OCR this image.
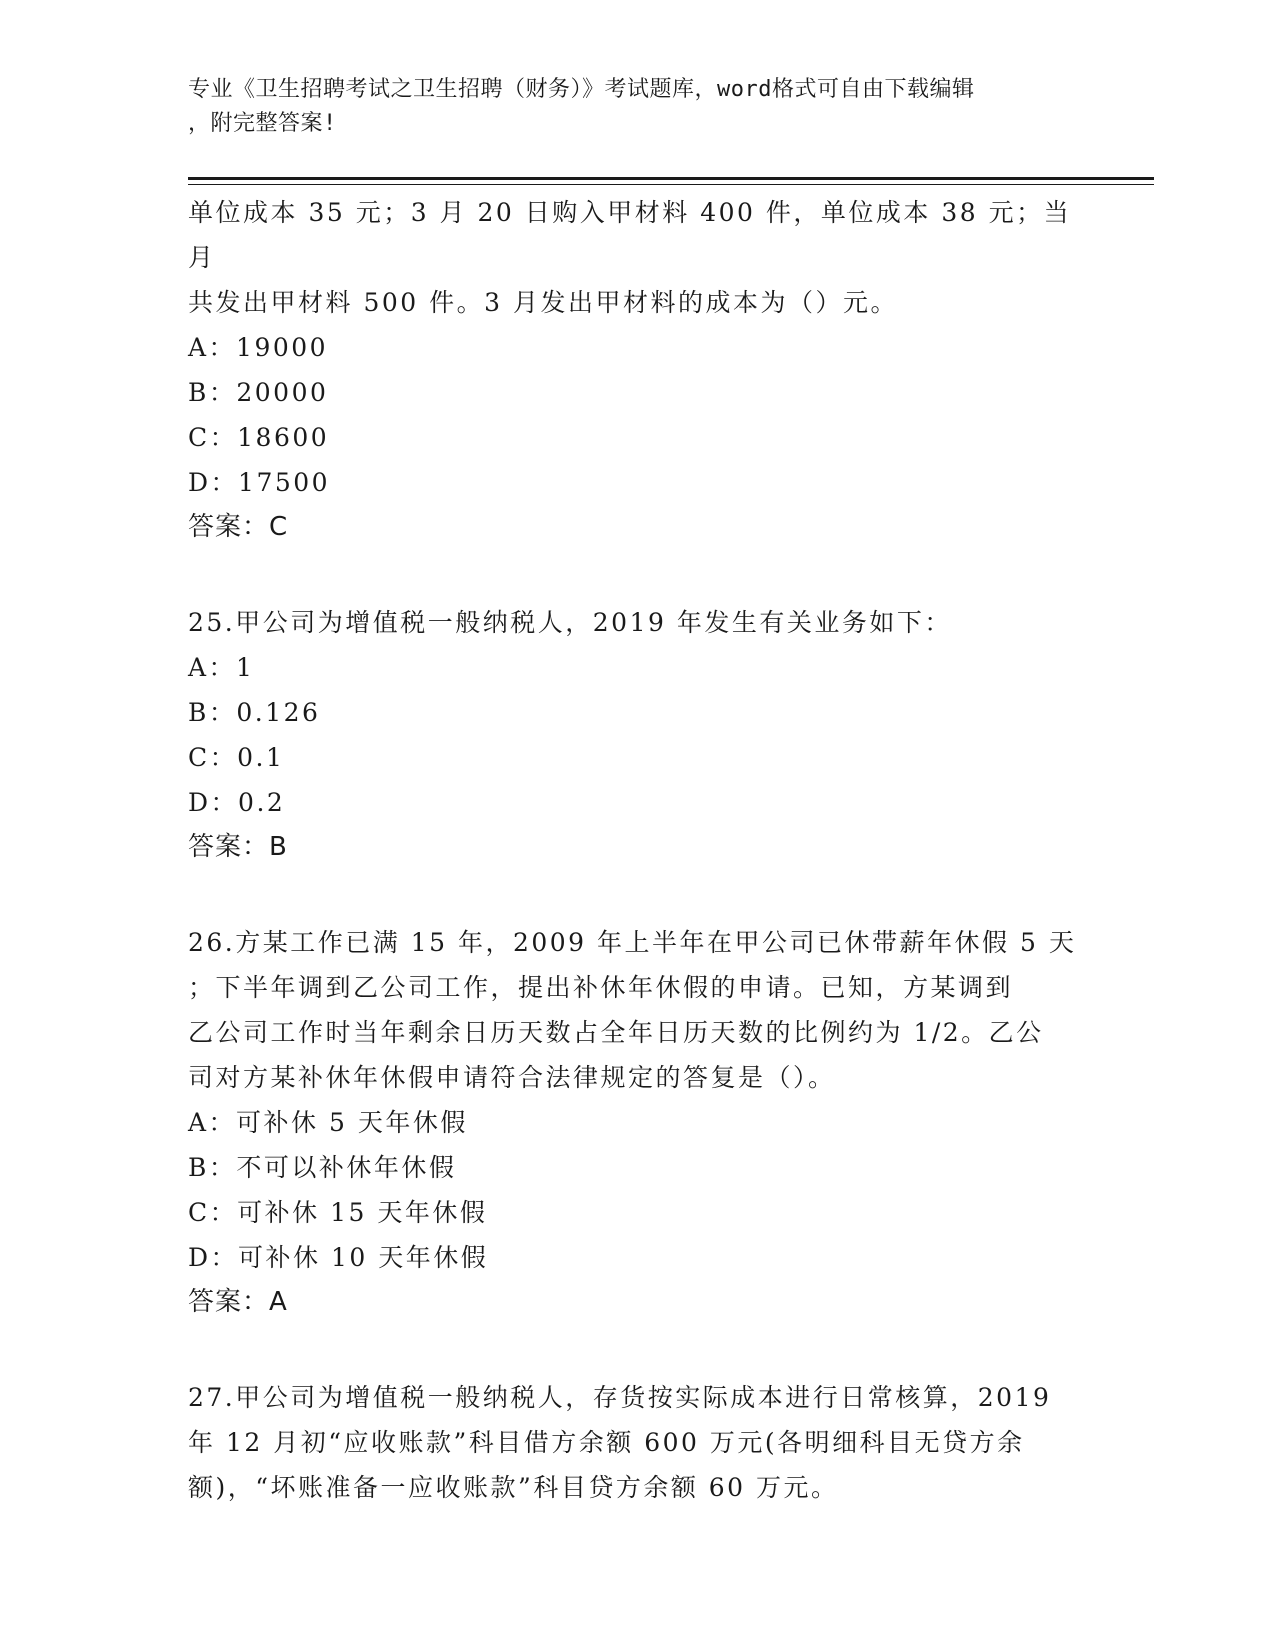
专业《卫生招聘考试之卫生招聘（财务）》考试题库，word格式可自由下载编辑
，附完整答案!

单位成本 35 元；3 月 20 日购入甲材料 400 件，单位成本 38 元；当月

共发出甲材料 500 件。3 月发出甲材料的成本为（）元。

A：19000

B：20000

C：18600

D：17500

答案：C

25.甲公司为增值税一般纳税人，2019 年发生有关业务如下：

A：1

B：0.126

C：0.1

D：0.2

答案：B

26.方某工作已满 15 年，2009 年上半年在甲公司已休带薪年休假 5 天

；下半年调到乙公司工作，提出补休年休假的申请。已知，方某调到

乙公司工作时当年剩余日历天数占全年日历天数的比例约为 1/2。乙公

司对方某补休年休假申请符合法律规定的答复是（）。

A：可补休 5 天年休假

B：不可以补休年休假

C：可补休 15 天年休假

D：可补休 10 天年休假

答案：A

27.甲公司为增值税一般纳税人，存货按实际成本进行日常核算，2019

年 12 月初“应收账款”科目借方余额 600 万元(各明细科目无贷方余

额)，“坏账准备一应收账款”科目贷方余额 60 万元。
